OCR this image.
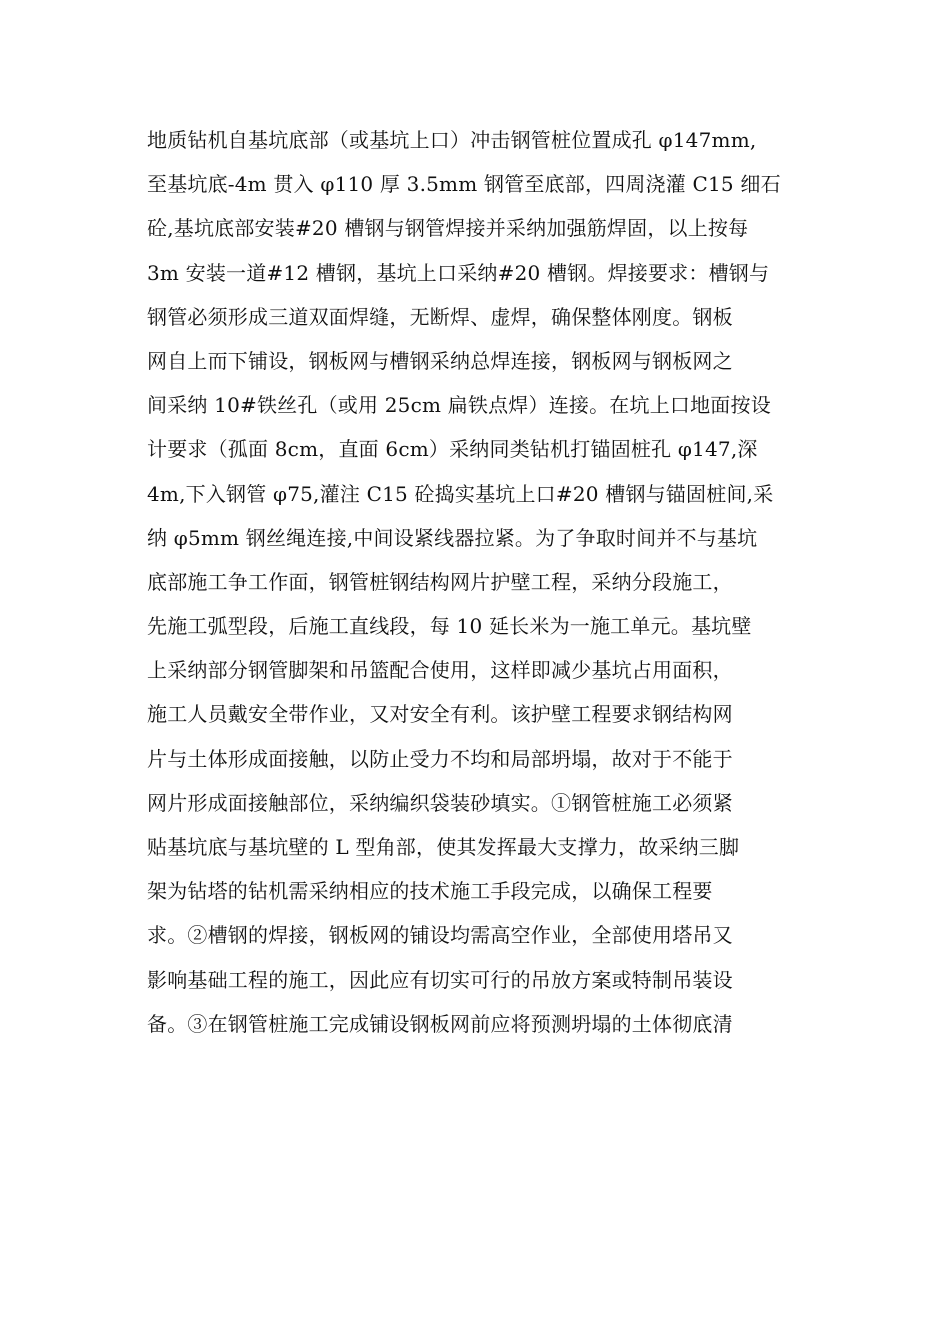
地质钻机自基坑底部（或基坑上口）冲击钢管桩位置成孔 φ147mm,
至基坑底-4m 贯入 φ110 厚 3.5mm 钢管至底部，四周浇灌 C15 细石
砼,基坑底部安装#20 槽钢与钢管焊接并采纳加强筋焊固，以上按每
3m 安装一道#12 槽钢，基坑上口采纳#20 槽钢。焊接要求：槽钢与
钢管必须形成三道双面焊缝，无断焊、虚焊，确保整体刚度。钢板
网自上而下铺设，钢板网与槽钢采纳总焊连接，钢板网与钢板网之
间采纳 10#铁丝孔（或用 25cm 扁铁点焊）连接。在坑上口地面按设
计要求（孤面 8cm，直面 6cm）采纳同类钻机打锚固桩孔 φ147,深
4m,下入钢管 φ75,灌注 C15 砼捣实基坑上口#20 槽钢与锚固桩间,采
纳 φ5mm 钢丝绳连接,中间设紧线器拉紧。为了争取时间并不与基坑
底部施工争工作面，钢管桩钢结构网片护壁工程，采纳分段施工，
先施工弧型段，后施工直线段，每 10 延长米为一施工单元。基坑壁
上采纳部分钢管脚架和吊篮配合使用，这样即减少基坑占用面积，
施工人员戴安全带作业，又对安全有利。该护壁工程要求钢结构网
片与土体形成面接触，以防止受力不均和局部坍塌，故对于不能于
网片形成面接触部位，采纳编织袋装砂填实。①钢管桩施工必须紧
贴基坑底与基坑壁的 L 型角部，使其发挥最大支撑力，故采纳三脚
架为钻塔的钻机需采纳相应的技术施工手段完成，以确保工程要
求。②槽钢的焊接，钢板网的铺设均需高空作业，全部使用塔吊又
影响基础工程的施工，因此应有切实可行的吊放方案或特制吊装设
备。③在钢管桩施工完成铺设钢板网前应将预测坍塌的土体彻底清
